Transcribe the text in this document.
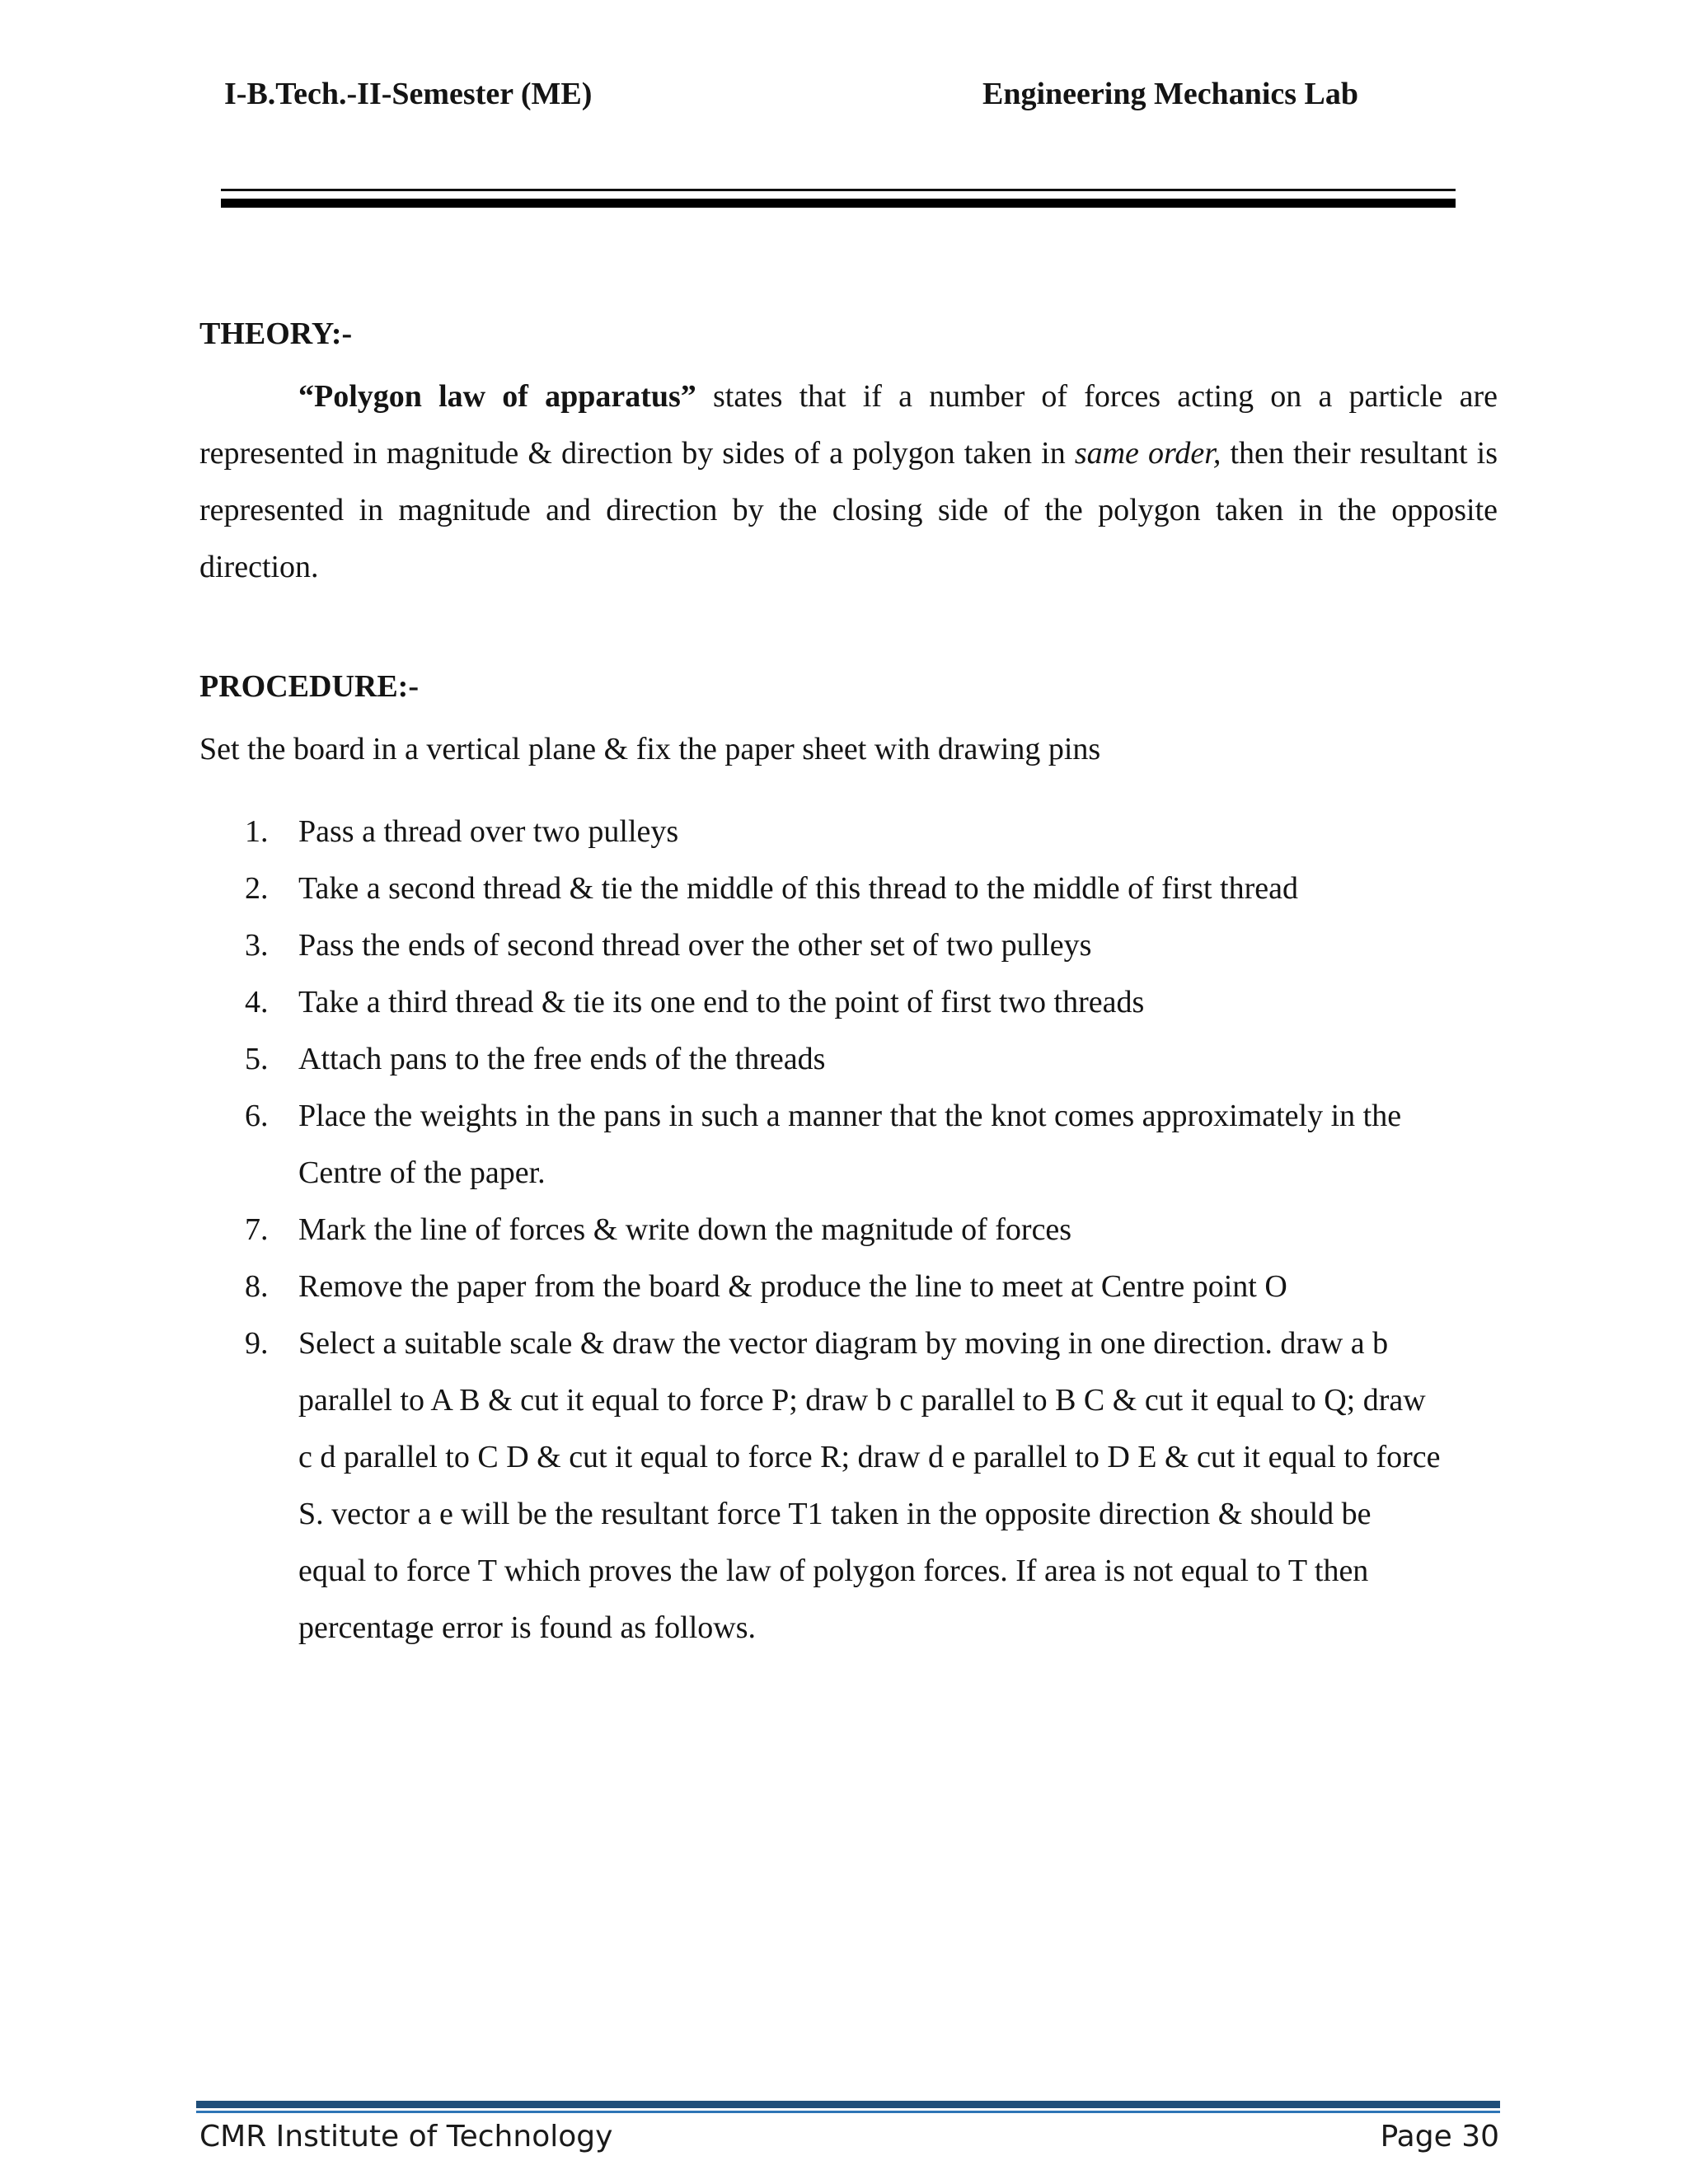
I-B.Tech.-II-Semester (ME)	Engineering Mechanics Lab
THEORY:-

“Polygon law of apparatus” states that if a number of forces acting on a particle are represented in magnitude & direction by sides of a polygon taken in same order, then their resultant is represented in magnitude and direction by the closing side of the polygon taken in the opposite direction.

PROCEDURE:-

Set the board in a vertical plane & fix the paper sheet with drawing pins

1. Pass a thread over two pulleys
2. Take a second thread & tie the middle of this thread to the middle of first thread
3. Pass the ends of second thread over the other set of two pulleys
4. Take a third thread & tie its one end to the point of first two threads
5. Attach pans to the free ends of the threads
6. Place the weights in the pans in such a manner that the knot comes approximately in the Centre of the paper.
7. Mark the line of forces & write down the magnitude of forces
8. Remove the paper from the board & produce the line to meet at Centre point O
9. Select a suitable scale & draw the vector diagram by moving in one direction. draw a b parallel to A B & cut it equal to force P; draw b c parallel to B C & cut it equal to Q; draw c d parallel to C D & cut it equal to force R; draw d e parallel to D E & cut it equal to force S. vector a e will be the resultant force T1 taken in the opposite direction & should be equal to force T which proves the law of polygon forces. If area is not equal to T then percentage error is found as follows.
CMR Institute of Technology	Page 30
